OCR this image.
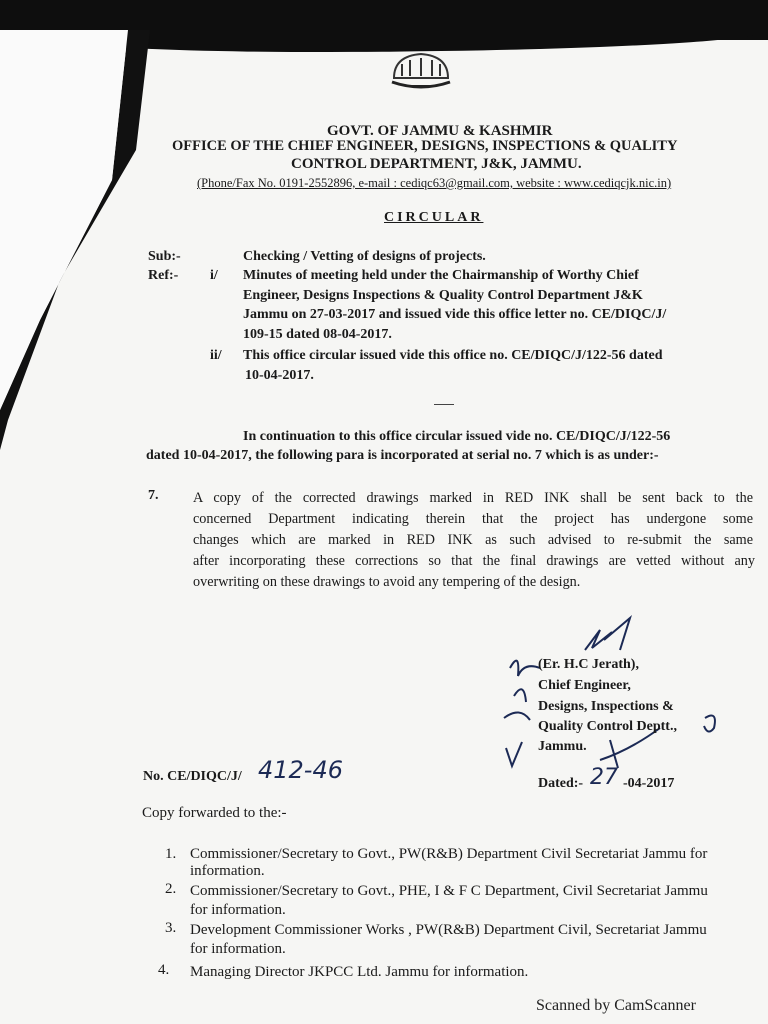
GOVT. OF JAMMU & KASHMIR
OFFICE OF THE CHIEF ENGINEER, DESIGNS, INSPECTIONS & QUALITY
CONTROL DEPARTMENT, J&K, JAMMU.
(Phone/Fax No. 0191-2552896, e-mail : cediqc63@gmail.com, website : www.cediqcjk.nic.in)
CIRCULAR
Sub:-	Checking / Vetting of designs of projects.
Ref:- i/ Minutes of meeting held under the Chairmanship of Worthy Chief
Engineer, Designs Inspections & Quality Control Department J&K
Jammu on 27-03-2017 and issued vide this office letter no. CE/DIQC/J/
109-15 dated 08-04-2017.
ii/ This office circular issued vide this office no. CE/DIQC/J/122-56 dated
10-04-2017.
In continuation to this office circular issued vide no. CE/DIQC/J/122-56
dated 10-04-2017, the following para is incorporated at serial no. 7 which is as under:-
7. A copy of the corrected drawings marked in RED INK shall be sent back to the
concerned Department indicating therein that the project has undergone some
changes which are marked in RED INK as such advised to re-submit the same
after incorporating these corrections so that the final drawings are vetted without any
overwriting on these drawings to avoid any tempering of the design.
(Er. H.C Jerath),
Chief Engineer,
Designs, Inspections &
Quality Control Deptt.,
Jammu.
No. CE/DIQC/J/ 412-46	Dated:- 27 -04-2017
Copy forwarded to the:-
1. Commissioner/Secretary to Govt., PW(R&B) Department Civil Secretariat Jammu for
information.
2. Commissioner/Secretary to Govt., PHE, I & F C Department, Civil Secretariat Jammu
for information.
3. Development Commissioner Works , PW(R&B) Department Civil, Secretariat Jammu
for information.
4. Managing Director JKPCC Ltd. Jammu for information.
Scanned by CamScanner
